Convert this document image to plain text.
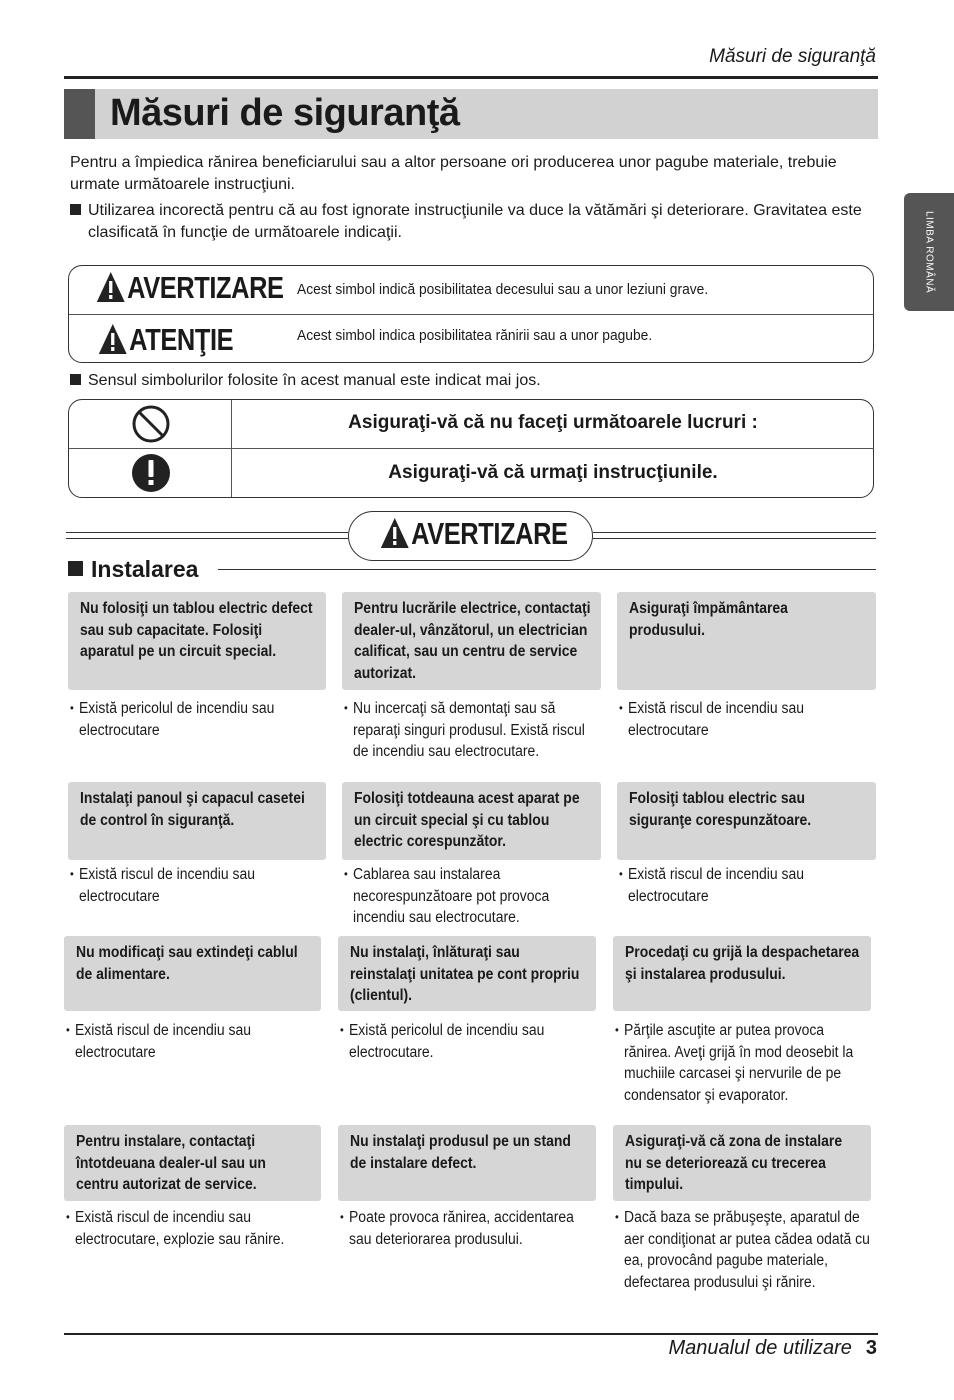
Măsuri de siguranţă
Măsuri de siguranţă
LIMBA ROMÂNĂ

Pentru a împiedica rănirea beneficiarului sau a altor persoane ori producerea unor pagube materiale, trebuie urmate următoarele instrucţiuni.

Utilizarea incorectă pentru că au fost ignorate instrucţiunile va duce la vătămări şi deteriorare. Gravitatea este clasificată în funcţie de următoarele indicaţii.

AVERTIZARE Acest simbol indică posibilitatea decesului sau a unor leziuni grave.
ATENŢIE	Acest simbol indica posibilitatea rănirii sau a unor pagube.
Sensul simbolurilor folosite în acest manual este indicat mai jos.
Asiguraţi-vă că nu faceţi următoarele lucruri :
Asiguraţi-vă că urmaţi instrucţiunile.
AVERTIZARE
Instalarea
Nu folosiţi un tablou electric defect sau sub capacitate. Folosiţi aparatul pe un circuit special.
• Există pericolul de incendiu sau electrocutare
Pentru lucrările electrice, contactaţi dealer-ul, vânzătorul, un electrician calificat, sau un centru de service autorizat.
• Nu incercaţi să demontaţi sau să reparaţi singuri produsul. Există riscul de incendiu sau electrocutare.
Asiguraţi împământarea produsului.
• Există riscul de incendiu sau electrocutare
Instalaţi panoul şi capacul casetei de control în siguranţă.
• Există riscul de incendiu sau electrocutare
Folosiţi totdeauna acest aparat pe un circuit special şi cu tablou electric corespunzător.
• Cablarea sau instalarea necorespunzătoare pot provoca incendiu sau electrocutare.
Folosiţi tablou electric sau siguranţe corespunzătoare.
• Există riscul de incendiu sau electrocutare
Nu modificaţi sau extindeţi cablul de alimentare.
• Există riscul de incendiu sau electrocutare
Nu instalaţi, înlăturaţi sau reinstalaţi unitatea pe cont propriu (clientul).
• Există pericolul de incendiu sau electrocutare.
Procedaţi cu grijă la despachetarea şi instalarea produsului.
• Părţile ascuţite ar putea provoca rănirea. Aveţi grijă în mod deosebit la muchiile carcasei şi nervurile de pe condensator şi evaporator.
Pentru instalare, contactaţi întotdeuana dealer-ul sau un centru autorizat de service.
• Există riscul de incendiu sau electrocutare, explozie sau rănire.
Nu instalaţi produsul pe un stand de instalare defect.
• Poate provoca rănirea, accidentarea sau deteriorarea produsului.
Asiguraţi-vă că zona de instalare nu se deteriorează cu trecerea timpului.
• Dacă baza se prăbuşeşte, aparatul de aer condiţionat ar putea cădea odată cu ea, provocând pagube materiale, defectarea produsului şi rănire.
Manualul de utilizare 3
